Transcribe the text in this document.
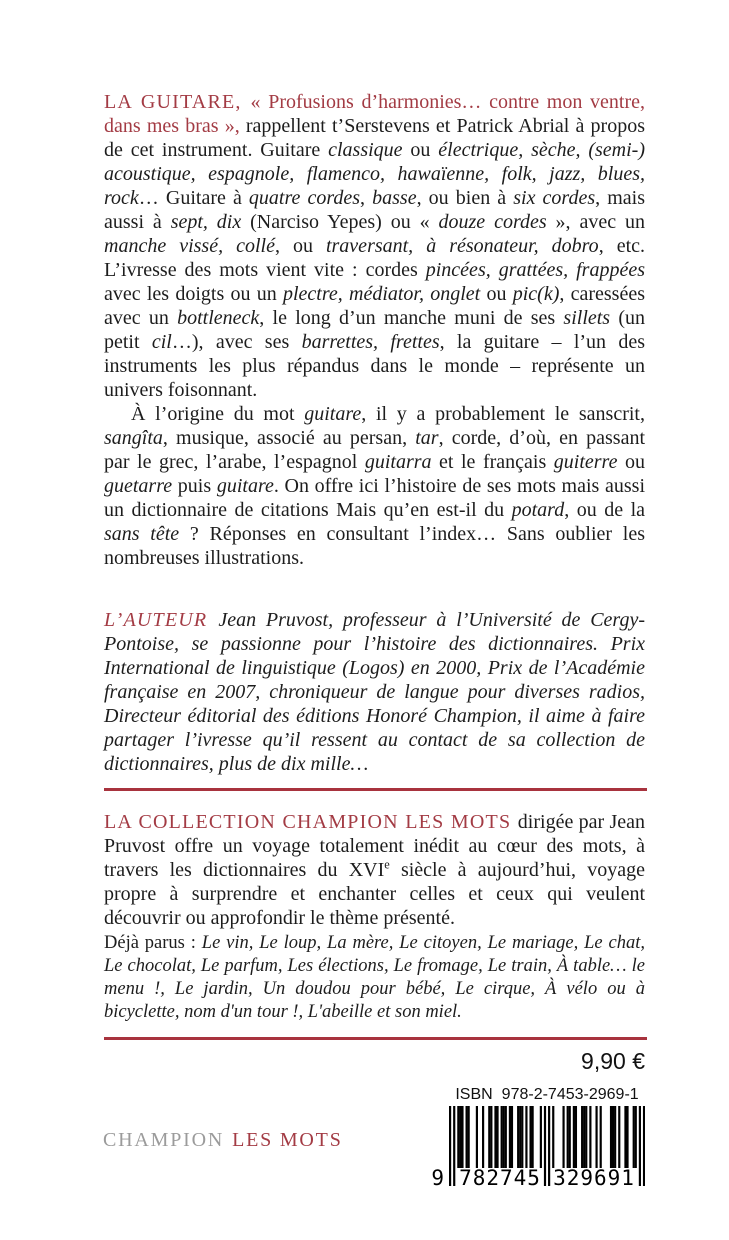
LA GUITARE, « Profusions d’harmonies… contre mon ventre, dans mes bras », rappellent t’Serstevens et Patrick Abrial à propos de cet instrument. Guitare classique ou électrique, sèche, (semi-) acoustique, espagnole, flamenco, hawaïenne, folk, jazz, blues, rock… Guitare à quatre cordes, basse, ou bien à six cordes, mais aussi à sept, dix (Narciso Yepes) ou « douze cordes », avec un manche vissé, collé, ou traversant, à résonateur, dobro, etc. L’ivresse des mots vient vite : cordes pincées, grattées, frappées avec les doigts ou un plectre, médiator, onglet ou pic(k), caressées avec un bottleneck, le long d’un manche muni de ses sillets (un petit cil…), avec ses barrettes, frettes, la guitare – l’un des instruments les plus répandus dans le monde – représente un univers foisonnant.

À l’origine du mot guitare, il y a probablement le sanscrit, sangîta, musique, associé au persan, tar, corde, d’où, en passant par le grec, l’arabe, l’espagnol guitarra et le français guiterre ou guetarre puis guitare. On offre ici l’histoire de ses mots mais aussi un dictionnaire de citations Mais qu’en est-il du potard, ou de la sans tête ? Réponses en consultant l’index… Sans oublier les nombreuses illustrations.

L’AUTEUR Jean Pruvost, professeur à l’Université de Cergy-Pontoise, se passionne pour l’histoire des dictionnaires. Prix International de linguistique (Logos) en 2000, Prix de l’Académie française en 2007, chroniqueur de langue pour diverses radios, Directeur éditorial des éditions Honoré Champion, il aime à faire partager l’ivresse qu’il ressent au contact de sa collection de dictionnaires, plus de dix mille…

LA COLLECTION CHAMPION LES MOTS dirigée par Jean Pruvost offre un voyage totalement inédit au cœur des mots, à travers les dictionnaires du XVIe siècle à aujourd’hui, voyage propre à surprendre et enchanter celles et ceux qui veulent découvrir ou approfondir le thème présenté.

Déjà parus : Le vin, Le loup, La mère, Le citoyen, Le mariage, Le chat, Le chocolat, Le parfum, Les élections, Le fromage, Le train, À table… le menu !, Le jardin, Un doudou pour bébé, Le cirque, À vélo ou à bicyclette, nom d'un tour !, L'abeille et son miel.

9,90 €
ISBN 978-2-7453-2969-1
9 782745 329691
CHAMPION LES MOTS
